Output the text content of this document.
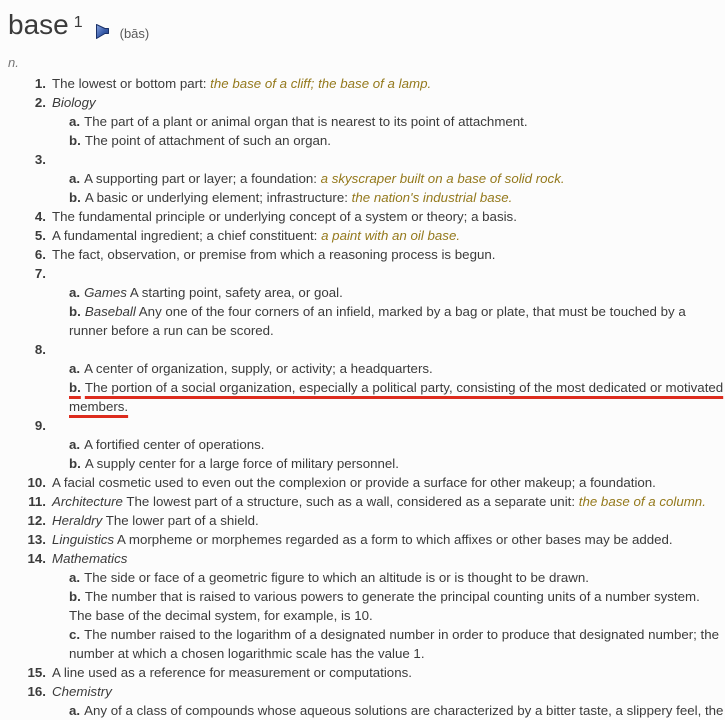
base 1
(bās)
n.
1. The lowest or bottom part: the base of a cliff; the base of a lamp.
2. Biology
a. The part of a plant or animal organ that is nearest to its point of attachment.
b. The point of attachment of such an organ.
3.
a. A supporting part or layer; a foundation: a skyscraper built on a base of solid rock.
b. A basic or underlying element; infrastructure: the nation's industrial base.
4. The fundamental principle or underlying concept of a system or theory; a basis.
5. A fundamental ingredient; a chief constituent: a paint with an oil base.
6. The fact, observation, or premise from which a reasoning process is begun.
7.
a. Games A starting point, safety area, or goal.
b. Baseball Any one of the four corners of an infield, marked by a bag or plate, that must be touched by a runner before a run can be scored.
8.
a. A center of organization, supply, or activity; a headquarters.
b. The portion of a social organization, especially a political party, consisting of the most dedicated or motivated members.
9.
a. A fortified center of operations.
b. A supply center for a large force of military personnel.
10. A facial cosmetic used to even out the complexion or provide a surface for other makeup; a foundation.
11. Architecture The lowest part of a structure, such as a wall, considered as a separate unit: the base of a column.
12. Heraldry The lower part of a shield.
13. Linguistics A morpheme or morphemes regarded as a form to which affixes or other bases may be added.
14. Mathematics
a. The side or face of a geometric figure to which an altitude is or is thought to be drawn.
b. The number that is raised to various powers to generate the principal counting units of a number system. The base of the decimal system, for example, is 10.
c. The number raised to the logarithm of a designated number in order to produce that designated number; the number at which a chosen logarithmic scale has the value 1.
15. A line used as a reference for measurement or computations.
16. Chemistry
a. Any of a class of compounds whose aqueous solutions are characterized by a bitter taste, a slippery feel, the
